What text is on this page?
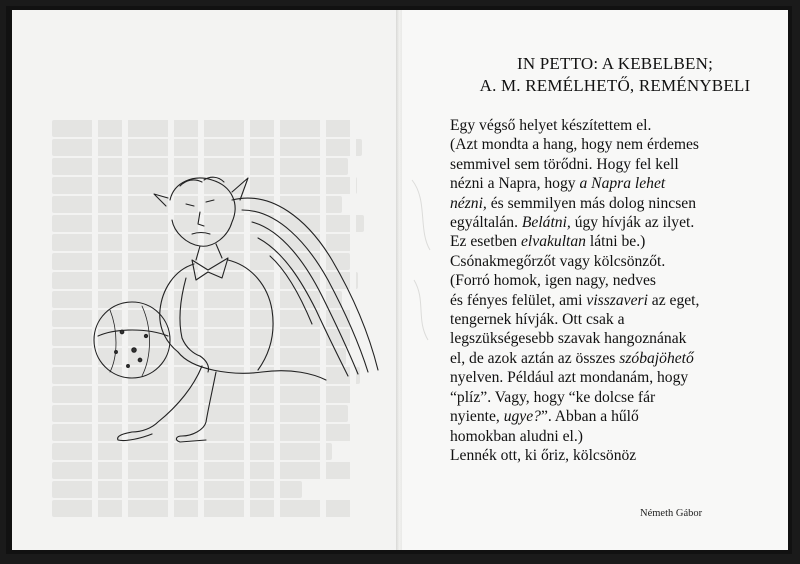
IN PETTO: A KEBELBEN;
A. M. REMÉLHETŐ, REMÉNYBELI
Egy végső helyet készítettem el.
(Azt mondta a hang, hogy nem érdemes
semmivel sem törődni. Hogy fel kell
nézni a Napra, hogy a Napra lehet
nézni, és semmilyen más dolog nincsen
egyáltalán. Belátni, úgy hívják az ilyet.
Ez esetben elvakultan látni be.)
Csónakmegőrzőt vagy kölcsönzőt.
(Forró homok, igen nagy, nedves
és fényes felület, ami visszaveri az eget,
tengernek hívják. Ott csak a
legszükségesebb szavak hangoznának
el, de azok aztán az összes szóbajöhető
nyelven. Például azt mondanám, hogy
“plíz”. Vagy, hogy “ke dolcse fár
nyiente, ugye?”. Abban a hűlő
homokban aludni el.)
Lennék ott, ki őriz, kölcsönöz
Németh Gábor
